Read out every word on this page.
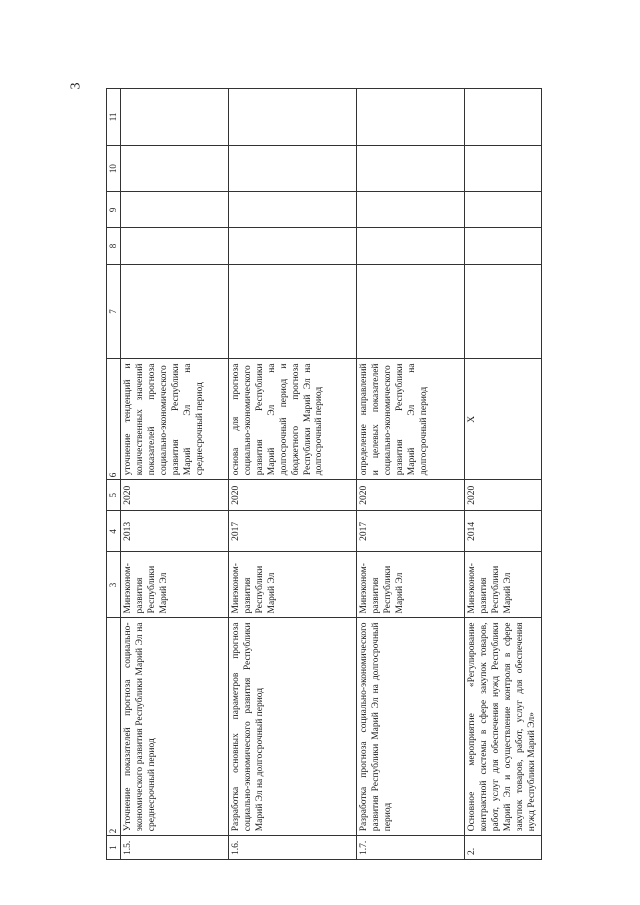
3
1	2	3	4	5	6	7	8	9	10	11
1.5.	Уточнение показателей прогноза социально-экономического развития Республики Марий Эл на среднесрочный период	Минэконом-развития Республики Марий Эл	2013	2020	уточнение тенденций и количественных значений показателей прогноза социально-экономического развития Республики Марий Эл на среднесрочный период					
1.6.	Разработка основных параметров прогноза социально-экономического развития Республики Марий Эл на долгосрочный период	Минэконом-развития Республики Марий Эл	2017	2020	основа для прогноза социально-экономического развития Республики Марий Эл на долгосрочный период и бюджетного прогноза Республики Марий Эл на долгосрочный период					
1.7.	Разработка прогноза социально-экономического развития Республики Марий Эл на долгосрочный период	Минэконом-развития Республики Марий Эл	2017	2020	определение направлений и целевых показателей социально-экономического развития Республики Марий Эл на долгосрочный период					
2.	Основное мероприятие «Регулирование контрактной системы в сфере закупок товаров, работ, услуг для обеспечения нужд Республики Марий Эл и осуществление контроля в сфере закупок товаров, работ, услуг для обеспечения нужд Республики Марий Эл»	Минэконом-развития Республики Марий Эл	2014	2020	X					
